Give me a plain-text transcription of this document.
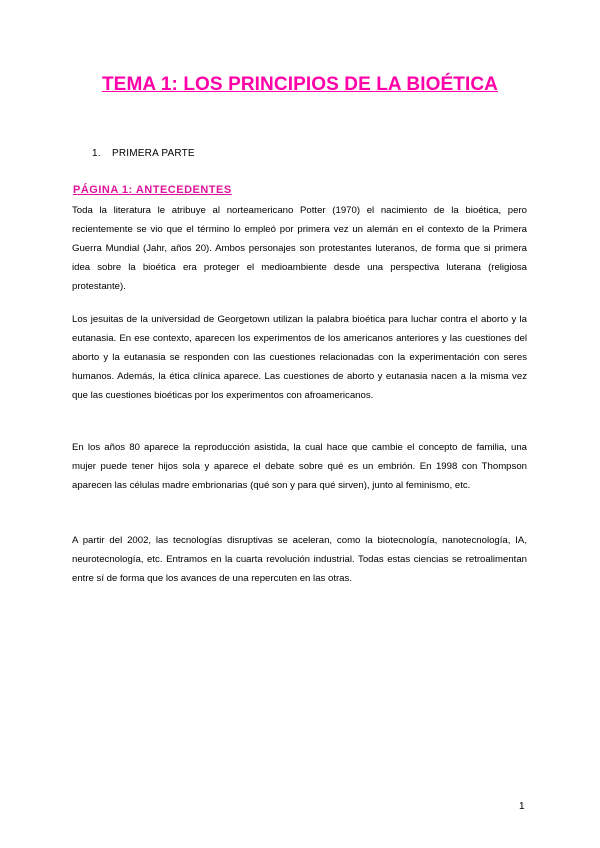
TEMA 1: LOS PRINCIPIOS DE LA BIOÉTICA
1. PRIMERA PARTE
PÁGINA 1: ANTECEDENTES

Toda la literatura le atribuye al norteamericano Potter (1970) el nacimiento de la bioética, pero recientemente se vio que el término lo empleó por primera vez un alemán en el contexto de la Primera Guerra Mundial (Jahr, años 20). Ambos personajes son protestantes luteranos, de forma que si primera idea sobre la bioética era proteger el medioambiente desde una perspectiva luterana (religiosa protestante).

Los jesuitas de la universidad de Georgetown utilizan la palabra bioética para luchar contra el aborto y la eutanasia. En ese contexto, aparecen los experimentos de los americanos anteriores y las cuestiones del aborto y la eutanasia se responden con las cuestiones relacionadas con la experimentación con seres humanos. Además, la ética clínica aparece. Las cuestiones de aborto y eutanasia nacen a la misma vez que las cuestiones bioéticas por los experimentos con afroamericanos.

En los años 80 aparece la reproducción asistida, la cual hace que cambie el concepto de familia, una mujer puede tener hijos sola y aparece el debate sobre qué es un embrión. En 1998 con Thompson aparecen las células madre embrionarias (qué son y para qué sirven), junto al feminismo, etc.

A partir del 2002, las tecnologías disruptivas se aceleran, como la biotecnología, nanotecnología, IA, neurotecnología, etc. Entramos en la cuarta revolución industrial. Todas estas ciencias se retroalimentan entre sí de forma que los avances de una repercuten en las otras.

1
